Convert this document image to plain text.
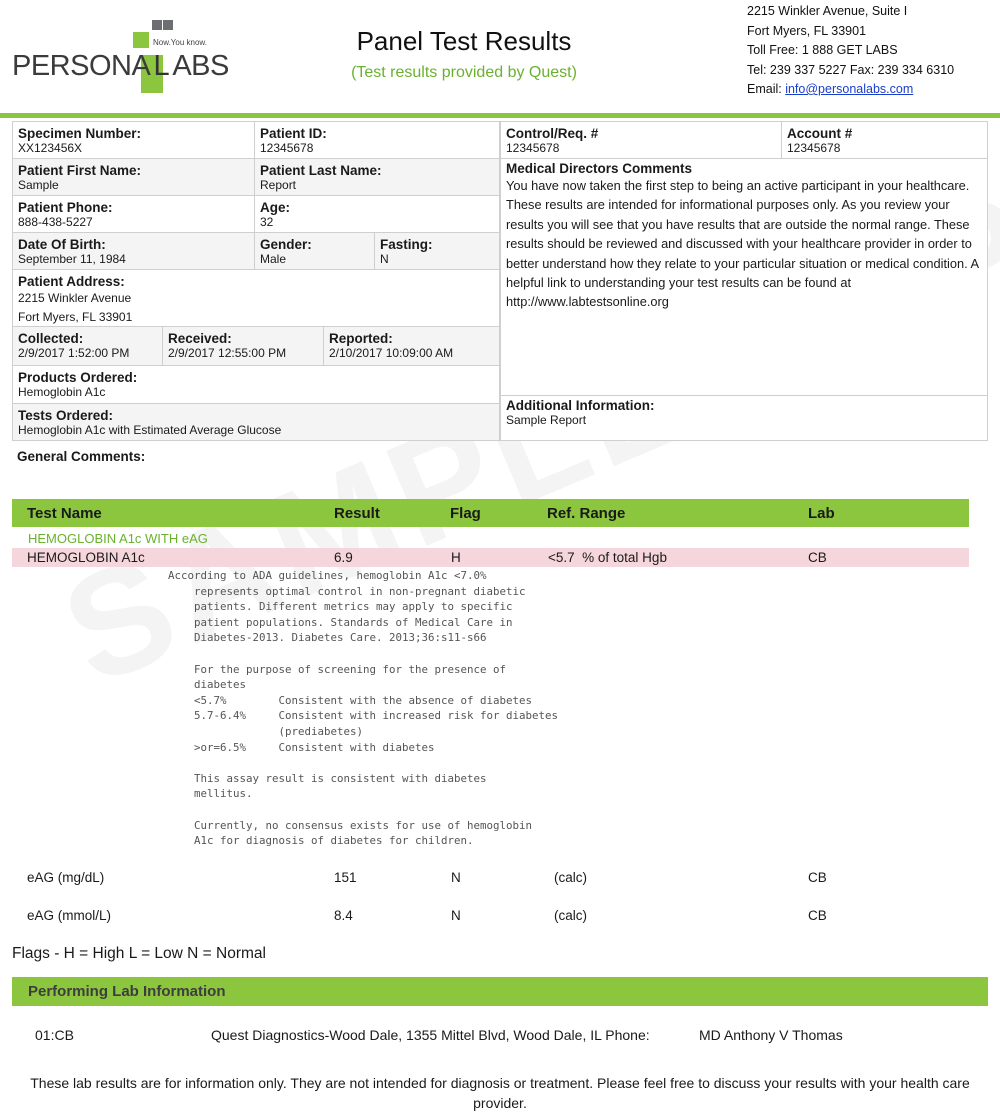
Now.You know.
PERSONA L ABS
Panel Test Results
(Test results provided by Quest)
2215 Winkler Avenue, Suite I
Fort Myers, FL 33901
Toll Free: 1 888 GET LABS
Tel: 239 337 5227 Fax: 239 334 6310
Email: info@personalabs.com
Specimen Number:
XX123456X
Patient ID:
12345678
Patient First Name:
Sample
Patient Last Name:
Report
Patient Phone:
888-438-5227
Age:
32
Date Of Birth:
September 11, 1984
Gender:
Male
Fasting:
N
Patient Address:
2215 Winkler Avenue
Fort Myers, FL 33901
Collected:
2/9/2017 1:52:00 PM
Received:
2/9/2017 12:55:00 PM
Reported:
2/10/2017 10:09:00 AM
Products Ordered:
Hemoglobin A1c
Tests Ordered:
Hemoglobin A1c with Estimated Average Glucose
Control/Req. #
12345678
Account #
12345678
Medical Directors Comments
You have now taken the first step to being an active participant in your healthcare. These results are intended for informational purposes only. As you review your results you will see that you have results that are outside the normal range. These results should be reviewed and discussed with your healthcare provider in order to better understand how they relate to your particular situation or medical condition. A helpful link to understanding your test results can be found at http://www.labtestsonline.org
Additional Information:
Sample Report
General Comments:
Test Name	Result	Flag	Ref. Range	Lab
HEMOGLOBIN A1c WITH eAG
HEMOGLOBIN A1c	6.9	H	<5.7  % of total Hgb	CB
According to ADA guidelines, hemoglobin A1c <7.0%
represents optimal control in non-pregnant diabetic
patients. Different metrics may apply to specific
patient populations. Standards of Medical Care in
Diabetes-2013. Diabetes Care. 2013;36:s11-s66

For the purpose of screening for the presence of
diabetes
<5.7%        Consistent with the absence of diabetes
5.7-6.4%     Consistent with increased risk for diabetes
(prediabetes)
>or=6.5%     Consistent with diabetes

This assay result is consistent with diabetes
mellitus.

Currently, no consensus exists for use of hemoglobin
A1c for diagnosis of diabetes for children.
eAG (mg/dL)	151	N	(calc)	CB
eAG (mmol/L)	8.4	N	(calc)	CB
Flags - H = High L = Low N = Normal
Performing Lab Information
01:CB	Quest Diagnostics-Wood Dale, 1355 Mittel Blvd, Wood Dale, IL Phone:	MD Anthony V Thomas
These lab results are for information only. They are not intended for diagnosis or treatment. Please feel free to discuss your results with your health care provider.
